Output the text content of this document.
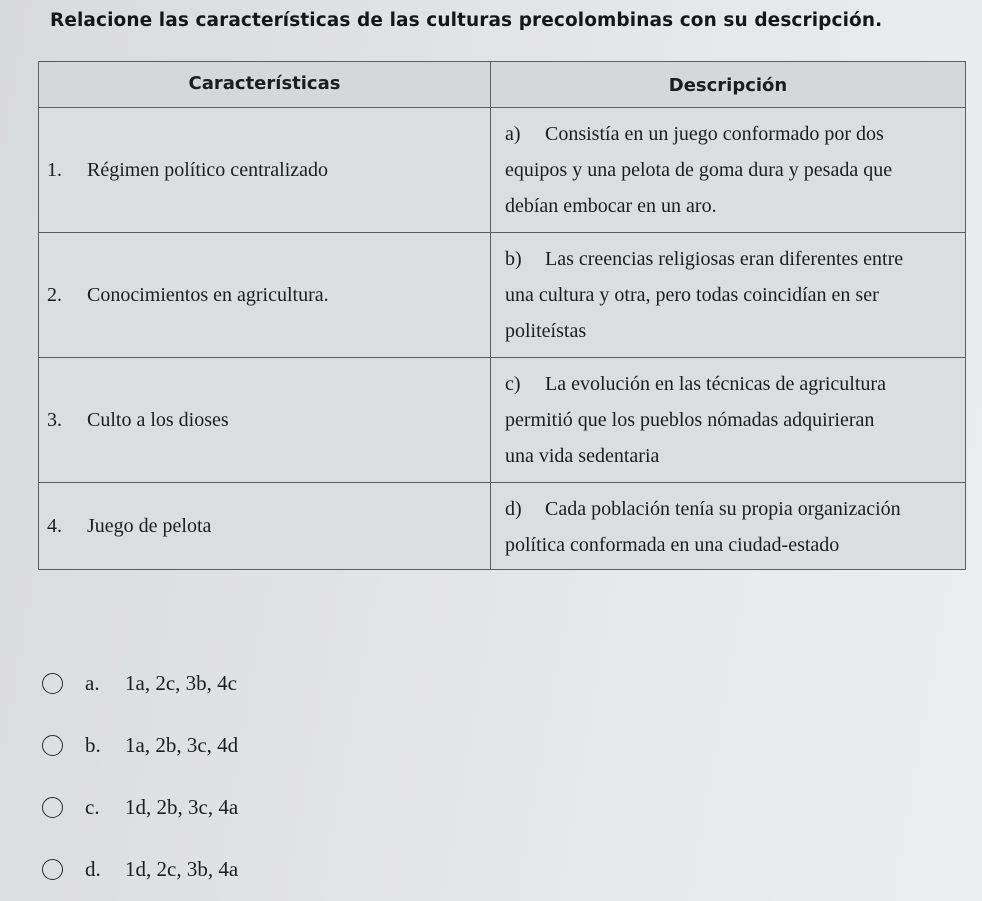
Relacione las características de las culturas precolombinas con su descripción.
Características	Descripción
1.	Régimen político centralizado
a) Consistía en un juego conformado por dos
equipos y una pelota de goma dura y pesada que
debían embocar en un aro.
2.	Conocimientos en agricultura.
b) Las creencias religiosas eran diferentes entre
una cultura y otra, pero todas coincidían en ser
politeístas
3.	Culto a los dioses
c) La evolución en las técnicas de agricultura
permitió que los pueblos nómadas adquirieran
una vida sedentaria
4.	Juego de pelota
d) Cada población tenía su propia organización
política conformada en una ciudad-estado
a.	1a, 2c, 3b, 4c
b.	1a, 2b, 3c, 4d
c.	1d, 2b, 3c, 4a
d.	1d, 2c, 3b, 4a
